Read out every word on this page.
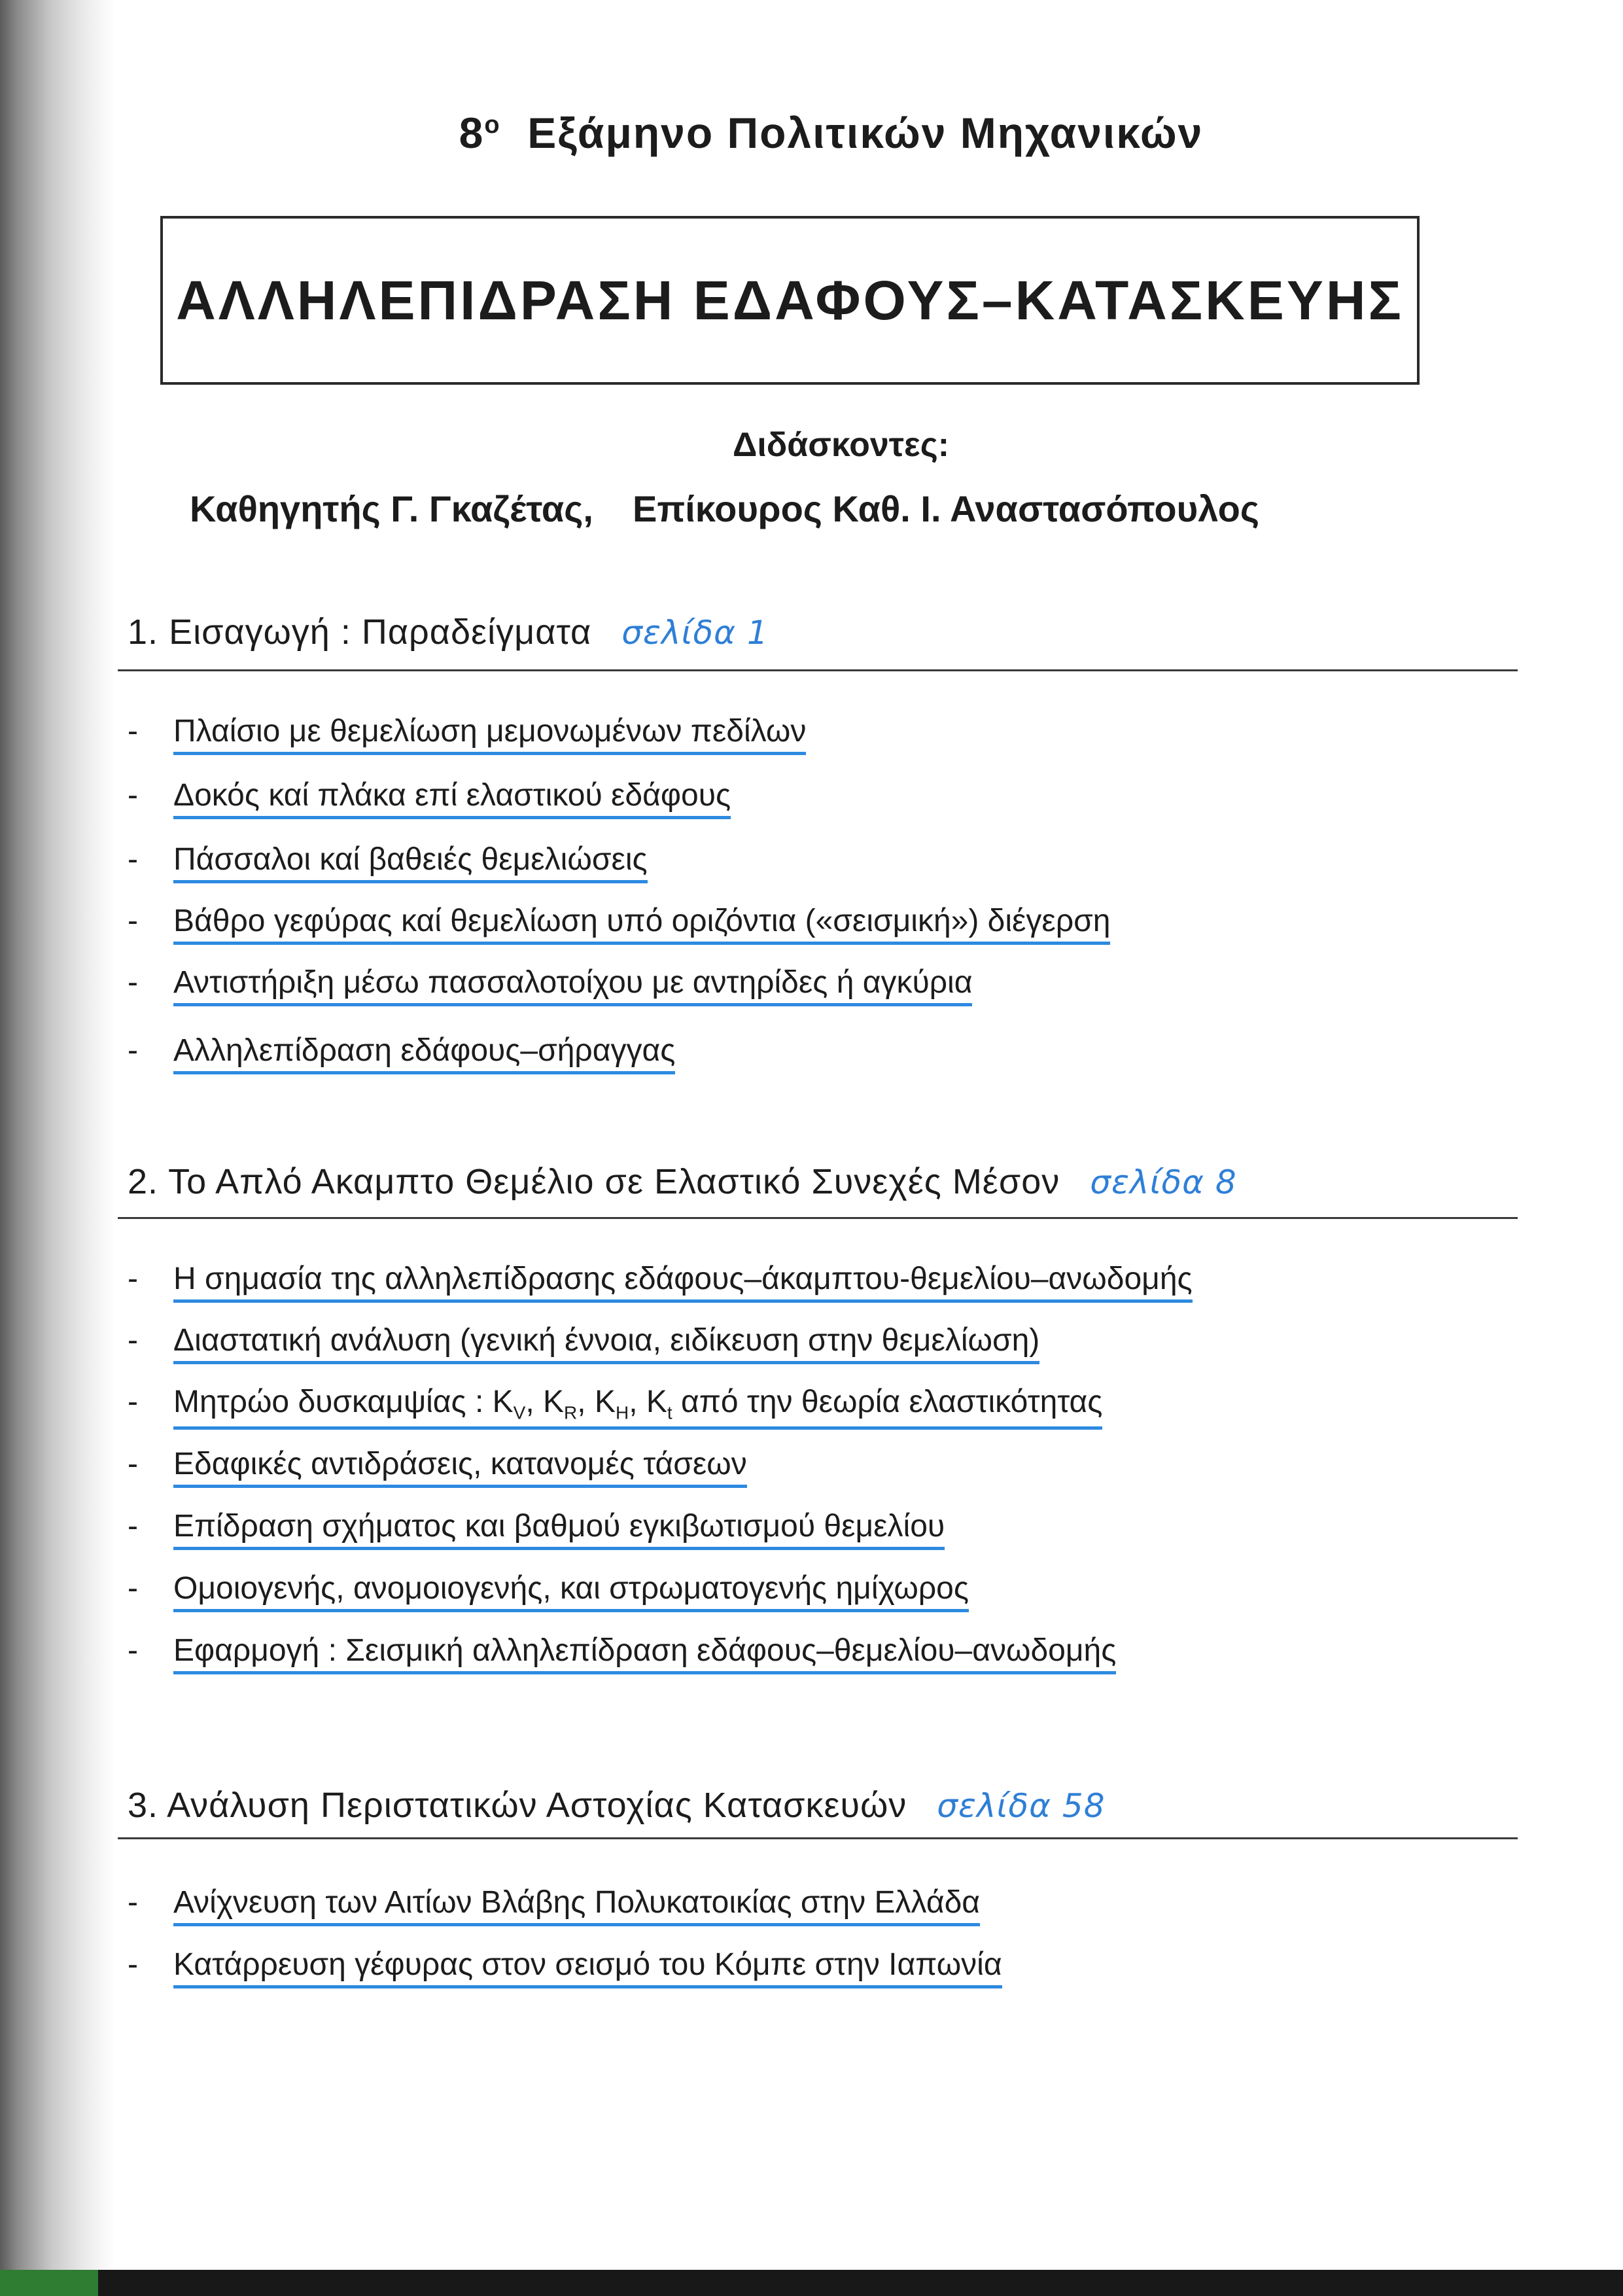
$8^o$ Εξάμηνο Πολιτικών Μηχανικών
ΑΛΛΗΛΕΠΙΔΡΑΣΗ ΕΔΑΦΟΥΣ–ΚΑΤΑΣΚΕΥΗΣ
Διδάσκοντες:
Καθηγητής Γ. Γκαζέτας, Επίκουρος Καθ. Ι. Αναστασόπουλος
1. Εισαγωγή : Παραδείγματα σελίδα 1
- Πλαίσιο με θεμελίωση μεμονωμένων πεδίλων
- Δοκός καί πλάκα επί ελαστικού εδάφους
- Πάσσαλοι καί βαθειές θεμελιώσεις
- Βάθρο γεφύρας καί θεμελίωση υπό οριζόντια («σεισμική») διέγερση
- Αντιστήριξη μέσω πασσαλοτοίχου με αντηρίδες ή αγκύρια
- Αλληλεπίδραση εδάφους–σήραγγας
2. Το Απλό Ακαμπτο Θεμέλιο σε Ελαστικό Συνεχές Μέσον σελίδα 8
- Η σημασία της αλληλεπίδρασης εδάφους–άκαμπτου-θεμελίου–ανωδομής
- Διαστατική ανάλυση (γενική έννοια, ειδίκευση στην θεμελίωση)
- Μητρώο δυσκαμψίας : $K_V$, $K_R$, $K_H$, $K_t$ από την θεωρία ελαστικότητας
- Εδαφικές αντιδράσεις, κατανομές τάσεων
- Επίδραση σχήματος και βαθμού εγκιβωτισμού θεμελίου
- Ομοιογενής, ανομοιογενής, και στρωματογενής ημίχωρος
- Εφαρμογή : Σεισμική αλληλεπίδραση εδάφους–θεμελίου–ανωδομής
3. Ανάλυση Περιστατικών Αστοχίας Κατασκευών σελίδα 58
- Ανίχνευση των Αιτίων Βλάβης Πολυκατοικίας στην Ελλάδα
- Κατάρρευση γέφυρας στον σεισμό του Κόμπε στην Ιαπωνία
